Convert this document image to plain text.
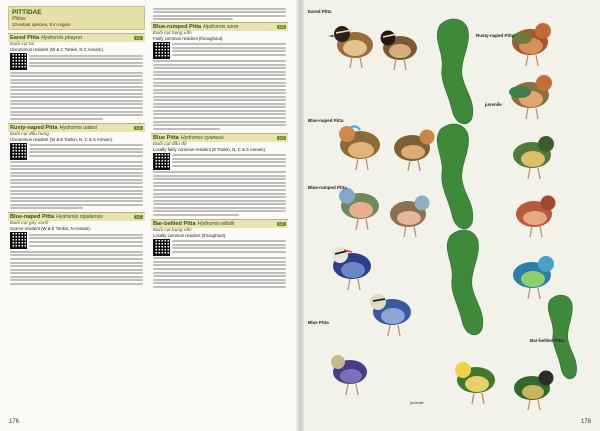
PITTIDAE
Pittas
10 extant species, 8 in region
Eared Pitta Hydrornis phayrei	LC
Đuôi cụt tai
Uncommon resident (W & C Tonkin, N C Annam).
Rusty-naped Pitta Hydrornis oatesi	LC
Đuôi cụt đầu hung
Uncommon resident (W & E Tonkin, N, C & S Annam).
Blue-naped Pitta Hydrornis nipalensis	LC
Đuôi cụt gáy xanh
Scarce resident (W & E Tonkin, N Annam).
Blue-rumped Pitta Hydrornis soror	LC
Đuôi cụt bụng vằn
Fairly common resident (throughout).
Blue Pitta Hydrornis cyaneus	LC
Đuôi cụt đầu đỏ
Locally fairly common resident (E Tonkin, N, C & S Annam).
Bar-bellied Pitta Hydrornis elliotii	LC
Đuôi cụt bụng vằn
Locally common resident (throughout).
176
Eared Pitta
Rusty-naped Pitta
juvenile
Blue-naped Pitta
Blue-rumped Pitta
Blue Pitta
Bar-bellied Pitta
juvenile
178
